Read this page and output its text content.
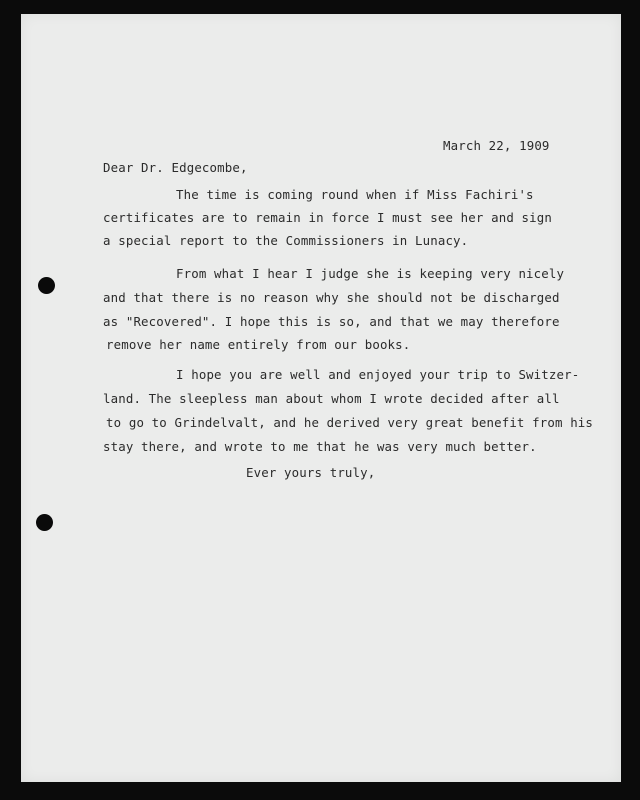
March 22, 1909
Dear Dr. Edgecombe,
The time is coming round when if Miss Fachiri's
certificates are to remain in force I must see her and sign
a special report to the Commissioners in Lunacy.
From what I hear I judge she is keeping very nicely
and that there is no reason why she should not be discharged
as "Recovered". I hope this is so, and that we may therefore
remove her name entirely from our books.
I hope you are well and enjoyed your trip to Switzer-
land. The sleepless man about whom I wrote decided after all
to go to Grindelvalt, and he derived very great benefit from his
stay there, and wrote to me that he was very much better.
Ever yours truly,
